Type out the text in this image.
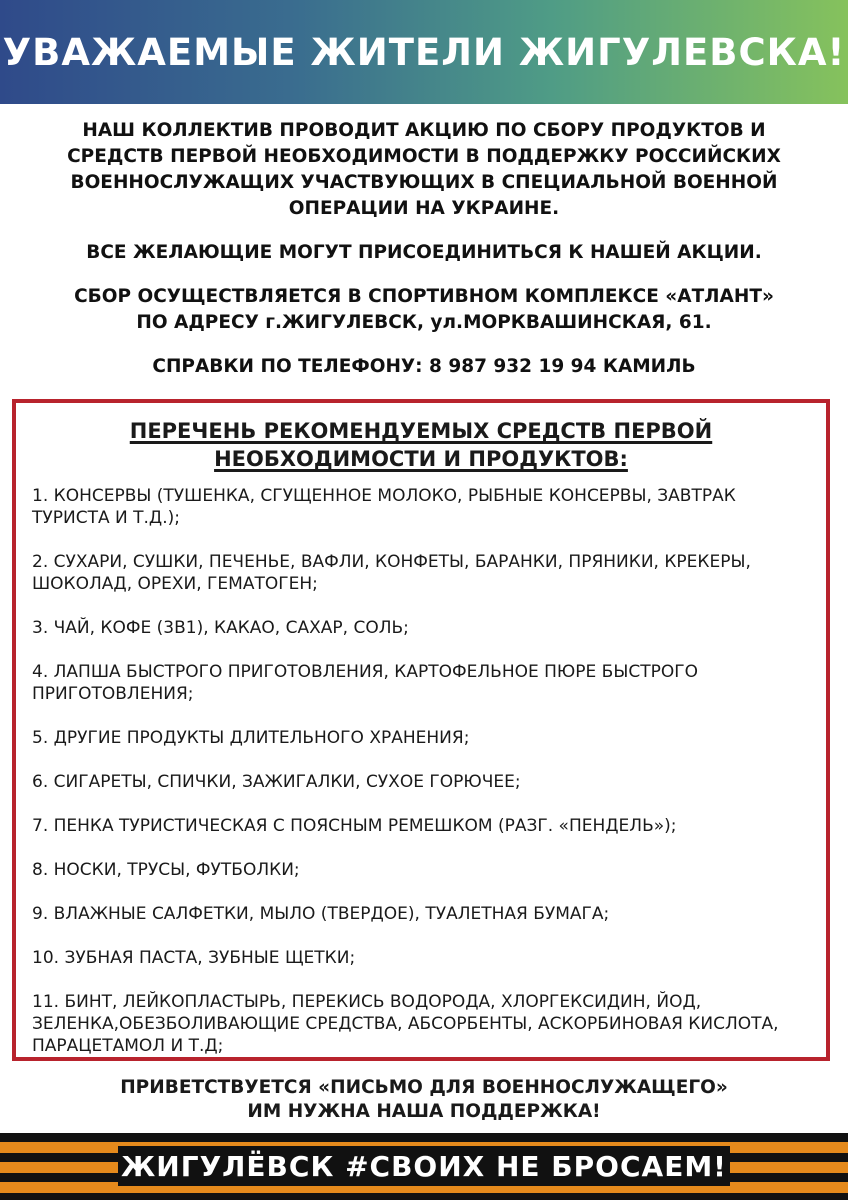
УВАЖАЕМЫЕ ЖИТЕЛИ ЖИГУЛЕВСКА!

НАШ КОЛЛЕКТИВ ПРОВОДИТ АКЦИЮ ПО СБОРУ ПРОДУКТОВ И

СРЕДСТВ ПЕРВОЙ НЕОБХОДИМОСТИ В ПОДДЕРЖКУ РОССИЙСКИХ

ВОЕННОСЛУЖАЩИХ УЧАСТВУЮЩИХ В СПЕЦИАЛЬНОЙ ВОЕННОЙ

ОПЕРАЦИИ НА УКРАИНЕ.

ВСЕ ЖЕЛАЮЩИЕ МОГУТ ПРИСОЕДИНИТЬСЯ К НАШЕЙ АКЦИИ.

СБОР ОСУЩЕСТВЛЯЕТСЯ В СПОРТИВНОМ КОМПЛЕКСЕ «АТЛАНТ»

ПО АДРЕСУ г.ЖИГУЛЕВСК, ул.МОРКВАШИНСКАЯ, 61.

СПРАВКИ ПО ТЕЛЕФОНУ: 8 987 932 19 94 КАМИЛЬ

ПЕРЕЧЕНЬ РЕКОМЕНДУЕМЫХ СРЕДСТВ ПЕРВОЙ
НЕОБХОДИМОСТИ И ПРОДУКТОВ:
1. КОНСЕРВЫ (ТУШЕНКА, СГУЩЕННОЕ МОЛОКО, РЫБНЫЕ КОНСЕРВЫ, ЗАВТРАК ТУРИСТА И Т.Д.);
2. СУХАРИ, СУШКИ, ПЕЧЕНЬЕ, ВАФЛИ, КОНФЕТЫ, БАРАНКИ, ПРЯНИКИ, КРЕКЕРЫ, ШОКОЛАД, ОРЕХИ, ГЕМАТОГЕН;
3. ЧАЙ, КОФЕ (3В1), КАКАО, САХАР, СОЛЬ;
4. ЛАПША БЫСТРОГО ПРИГОТОВЛЕНИЯ, КАРТОФЕЛЬНОЕ ПЮРЕ БЫСТРОГО ПРИГОТОВЛЕНИЯ;
5. ДРУГИЕ ПРОДУКТЫ ДЛИТЕЛЬНОГО ХРАНЕНИЯ;
6. СИГАРЕТЫ, СПИЧКИ, ЗАЖИГАЛКИ, СУХОЕ ГОРЮЧЕЕ;
7. ПЕНКА ТУРИСТИЧЕСКАЯ С ПОЯСНЫМ РЕМЕШКОМ (РАЗГ. «ПЕНДЕЛЬ»);
8. НОСКИ, ТРУСЫ, ФУТБОЛКИ;
9. ВЛАЖНЫЕ САЛФЕТКИ, МЫЛО (ТВЕРДОЕ), ТУАЛЕТНАЯ БУМАГА;
10. ЗУБНАЯ ПАСТА, ЗУБНЫЕ ЩЕТКИ;
11. БИНТ, ЛЕЙКОПЛАСТЫРЬ, ПЕРЕКИСЬ ВОДОРОДА, ХЛОРГЕКСИДИН, ЙОД, ЗЕЛЕНКА,ОБЕЗБОЛИВАЮЩИЕ СРЕДСТВА, АБСОРБЕНТЫ, АСКОРБИНОВАЯ КИСЛОТА, ПАРАЦЕТАМОЛ И Т.Д;

ПРИВЕТСТВУЕТСЯ «ПИСЬМО ДЛЯ ВОЕННОСЛУЖАЩЕГО»

ИМ НУЖНА НАША ПОДДЕРЖКА!

ЖИГУЛЁВСК #СВОИХ НЕ БРОСАЕМ!
